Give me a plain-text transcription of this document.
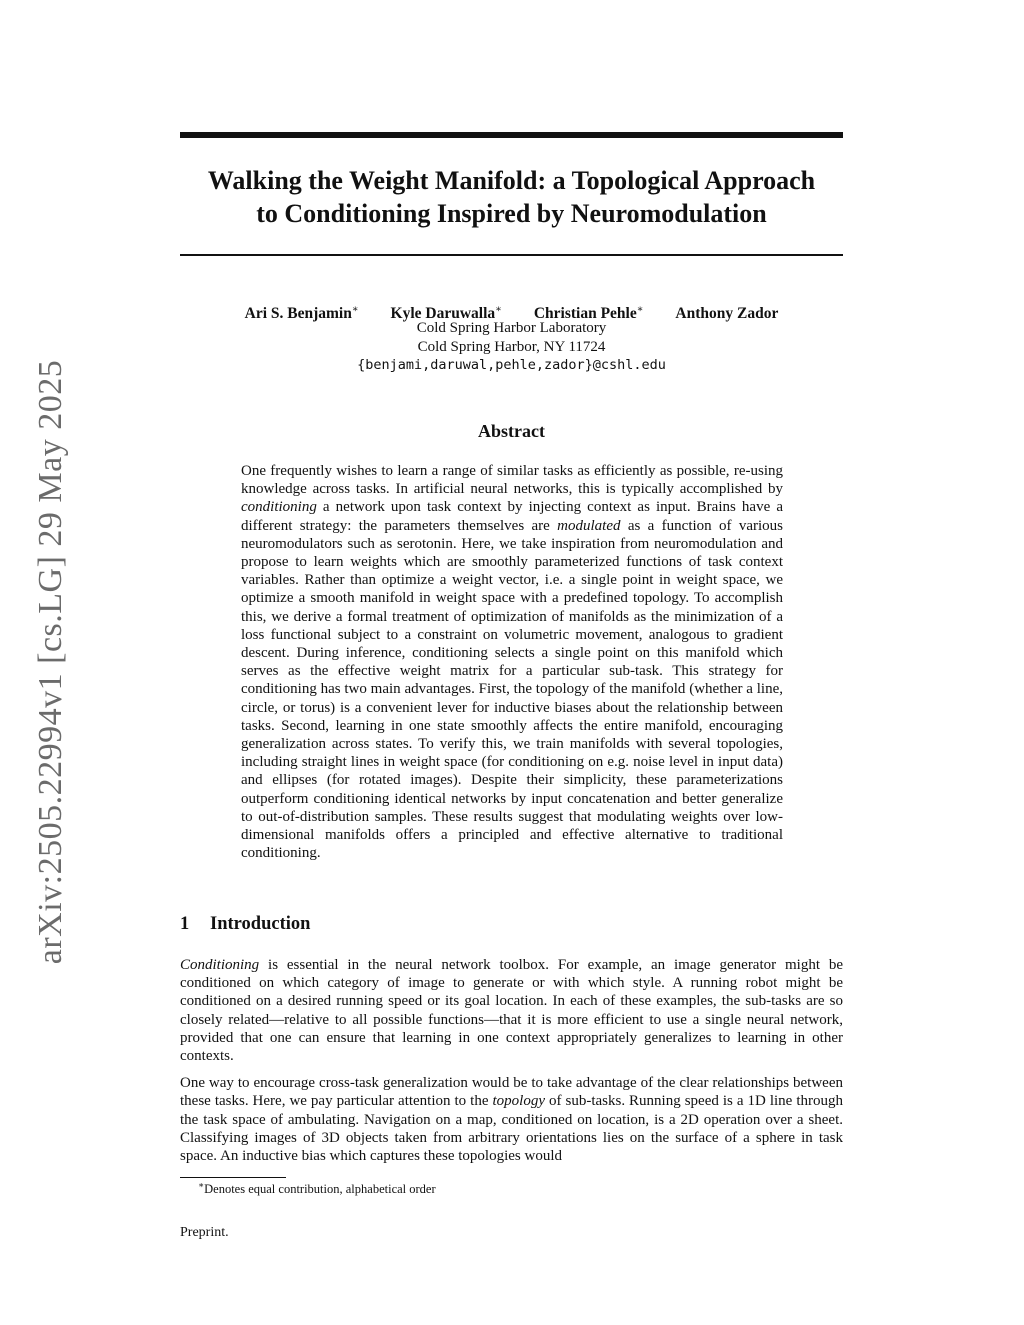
arXiv:2505.22994v1 [cs.LG] 29 May 2025
Walking the Weight Manifold: a Topological Approach
to Conditioning Inspired by Neuromodulation
Ari S. Benjamin∗ Kyle Daruwalla∗ Christian Pehle∗ Anthony Zador
Cold Spring Harbor Laboratory
Cold Spring Harbor, NY 11724
{benjami,daruwal,pehle,zador}@cshl.edu
Abstract

One frequently wishes to learn a range of similar tasks as efficiently as possible, re-using knowledge across tasks. In artificial neural networks, this is typically accomplished by conditioning a network upon task context by injecting context as input. Brains have a different strategy: the parameters themselves are modulated as a function of various neuromodulators such as serotonin. Here, we take inspiration from neuromodulation and propose to learn weights which are smoothly parameterized functions of task context variables. Rather than optimize a weight vector, i.e. a single point in weight space, we optimize a smooth manifold in weight space with a predefined topology. To accomplish this, we derive a formal treatment of optimization of manifolds as the minimization of a loss functional subject to a constraint on volumetric movement, analogous to gradient descent. During inference, conditioning selects a single point on this manifold which serves as the effective weight matrix for a particular sub-task. This strategy for conditioning has two main advantages. First, the topology of the manifold (whether a line, circle, or torus) is a convenient lever for inductive biases about the relationship between tasks. Second, learning in one state smoothly affects the entire manifold, encouraging generalization across states. To verify this, we train manifolds with several topologies, including straight lines in weight space (for conditioning on e.g. noise level in input data) and ellipses (for rotated images). Despite their simplicity, these parameterizations outperform conditioning identical networks by input concatenation and better generalize to out-of-distribution samples. These results suggest that modulating weights over low-dimensional manifolds offers a principled and effective alternative to traditional conditioning.

1 Introduction

Conditioning is essential in the neural network toolbox. For example, an image generator might be conditioned on which category of image to generate or with which style. A running robot might be conditioned on a desired running speed or its goal location. In each of these examples, the sub-tasks are so closely related—relative to all possible functions—that it is more efficient to use a single neural network, provided that one can ensure that learning in one context appropriately generalizes to learning in other contexts.

One way to encourage cross-task generalization would be to take advantage of the clear relationships between these tasks. Here, we pay particular attention to the topology of sub-tasks. Running speed is a 1D line through the task space of ambulating. Navigation on a map, conditioned on location, is a 2D operation over a sheet. Classifying images of 3D objects taken from arbitrary orientations lies on the surface of a sphere in task space. An inductive bias which captures these topologies would

∗Denotes equal contribution, alphabetical order
Preprint.
